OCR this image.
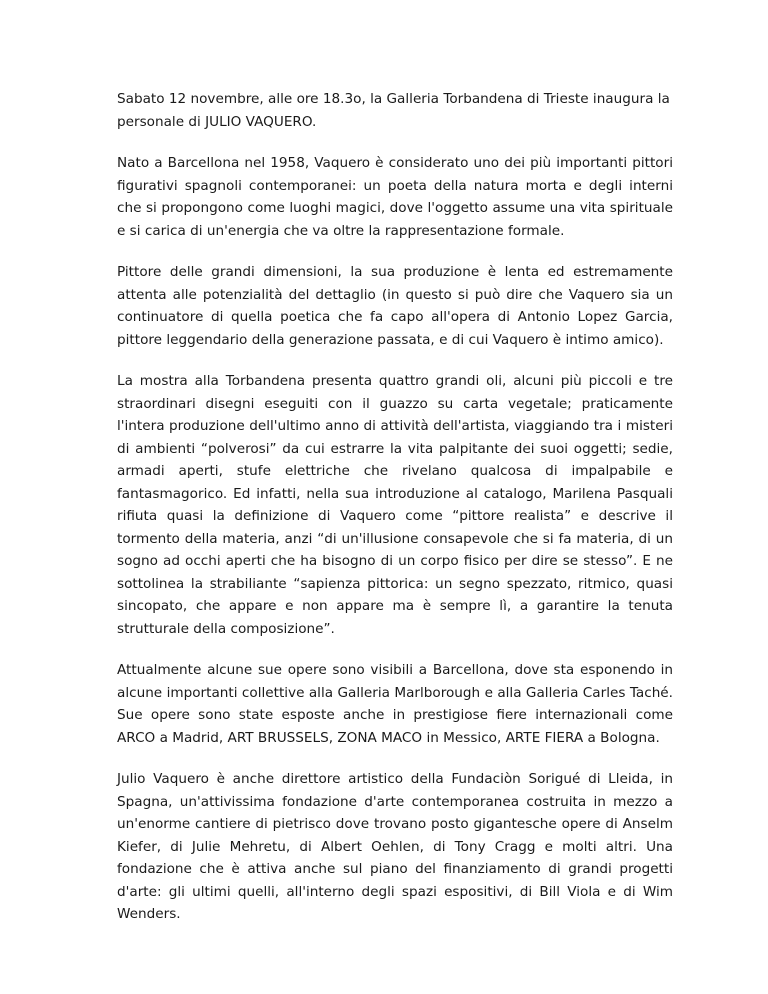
Sabato 12 novembre, alle ore 18.3o, la Galleria Torbandena di Trieste inaugura la personale di JULIO VAQUERO.

Nato a Barcellona nel 1958, Vaquero è considerato uno dei più importanti pittori figurativi spagnoli contemporanei: un poeta della natura morta e degli interni che si propongono come luoghi magici, dove l'oggetto assume una vita spirituale e si carica di un'energia che va oltre la rappresentazione formale.

Pittore delle grandi dimensioni, la sua produzione è lenta ed estremamente attenta alle potenzialità del dettaglio (in questo si può dire che Vaquero sia un continuatore di quella poetica che fa capo all'opera di Antonio Lopez Garcia, pittore leggendario della generazione passata, e di cui Vaquero è intimo amico).

La mostra alla Torbandena presenta quattro grandi oli, alcuni più piccoli e tre straordinari disegni eseguiti con il guazzo su carta vegetale; praticamente l'intera produzione dell'ultimo anno di attività dell'artista, viaggiando tra i misteri di ambienti “polverosi” da cui estrarre la vita palpitante dei suoi oggetti; sedie, armadi aperti, stufe elettriche che rivelano qualcosa di impalpabile e fantasmagorico. Ed infatti, nella sua introduzione al catalogo, Marilena Pasquali rifiuta quasi la definizione di Vaquero come “pittore realista” e descrive il tormento della materia, anzi “di un'illusione consapevole che si fa materia, di un sogno ad occhi aperti che ha bisogno di un corpo fisico per dire se stesso”. E ne sottolinea la strabiliante “sapienza pittorica: un segno spezzato, ritmico, quasi sincopato, che appare e non appare ma è sempre lì, a garantire la tenuta strutturale della composizione”.

Attualmente alcune sue opere sono visibili a Barcellona, dove sta esponendo in alcune importanti collettive alla Galleria Marlborough e alla Galleria Carles Taché. Sue opere sono state esposte anche in prestigiose fiere internazionali come ARCO a Madrid, ART BRUSSELS, ZONA MACO in Messico, ARTE FIERA a Bologna.

Julio Vaquero è anche direttore artistico della Fundaciòn Sorigué di Lleida, in Spagna, un'attivissima fondazione d'arte contemporanea costruita in mezzo a un'enorme cantiere di pietrisco dove trovano posto gigantesche opere di Anselm Kiefer, di Julie Mehretu, di Albert Oehlen, di Tony Cragg e molti altri. Una fondazione che è attiva anche sul piano del finanziamento di grandi progetti d'arte: gli ultimi quelli, all'interno degli spazi espositivi, di Bill Viola e di Wim Wenders.
